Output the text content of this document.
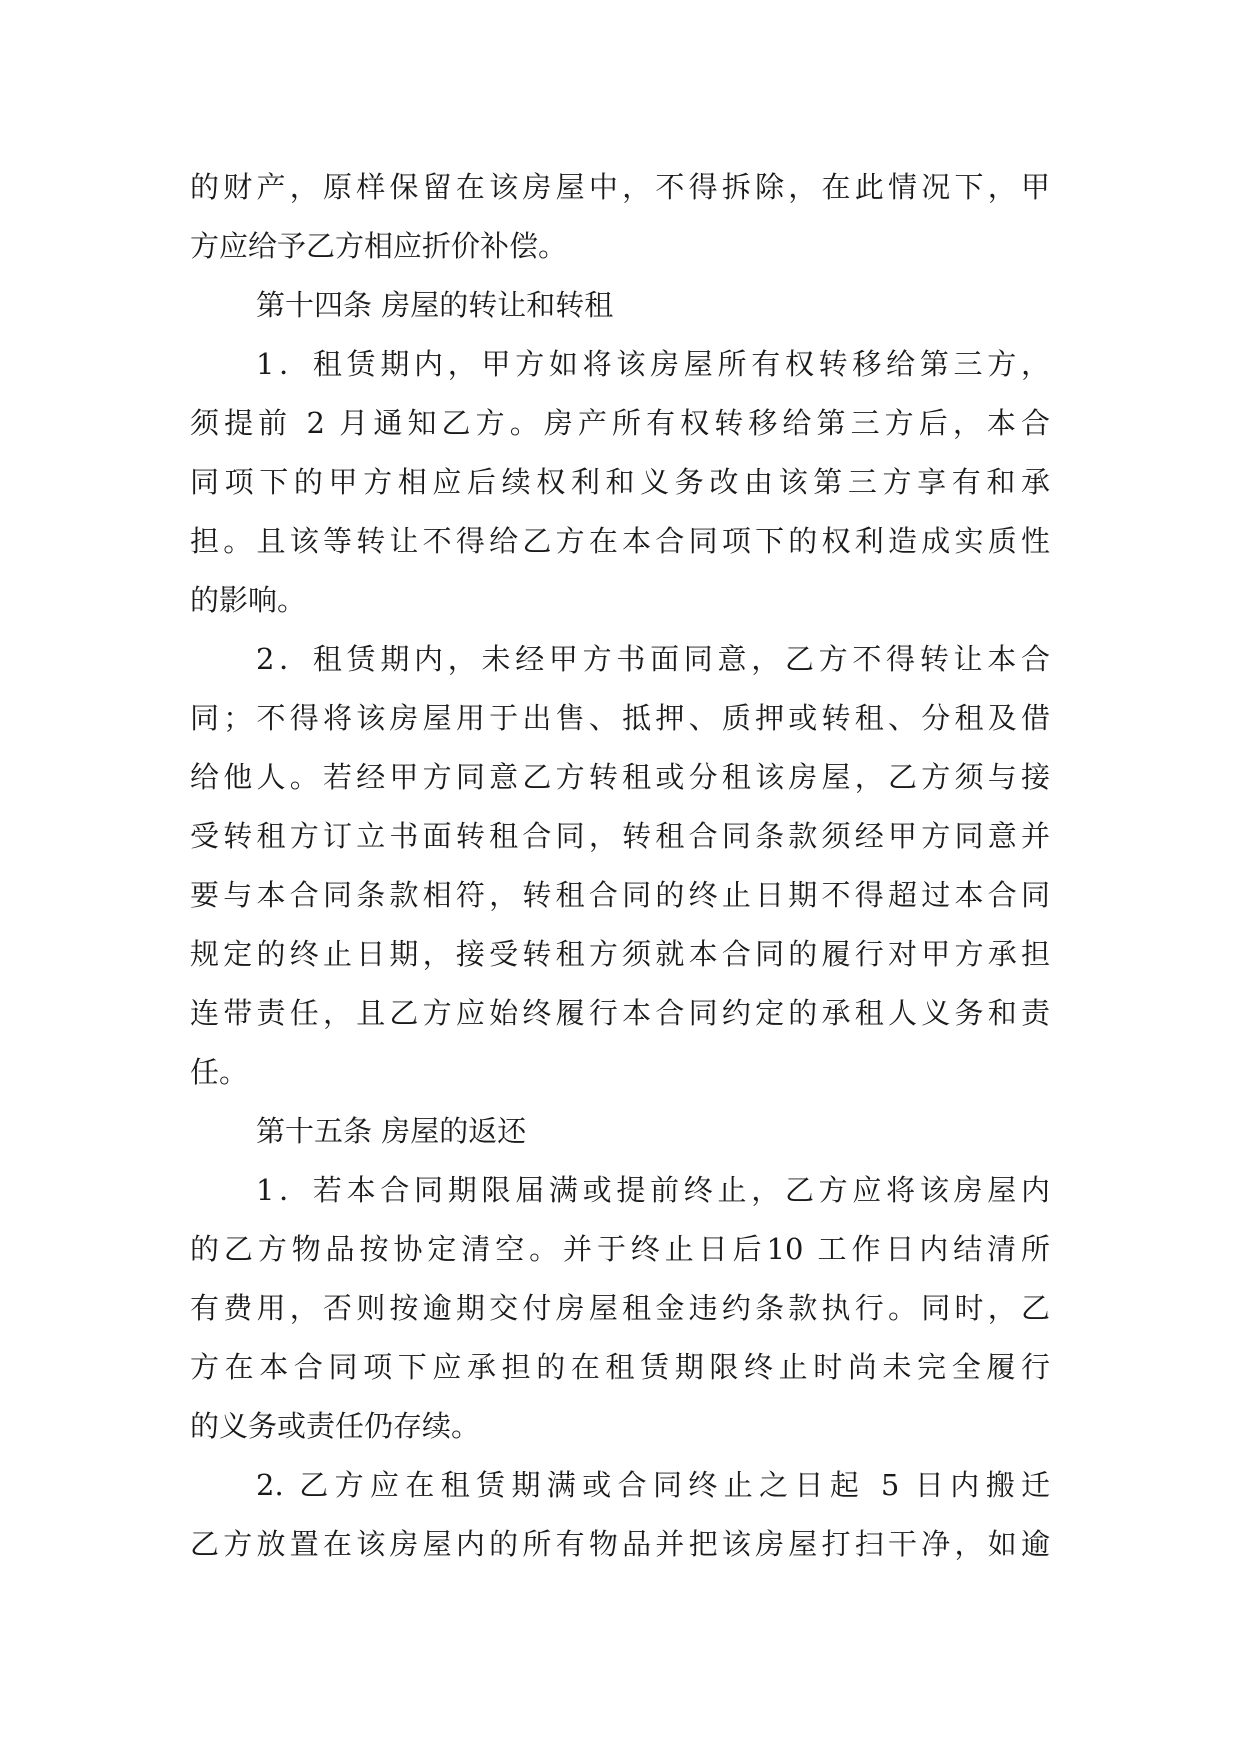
的财产，原样保留在该房屋中，不得拆除，在此情况下，甲
方应给予乙方相应折价补偿。
第十四条 房屋的转让和转租
1．租赁期内，甲方如将该房屋所有权转移给第三方，
须提前 2 月通知乙方。房产所有权转移给第三方后，本合
同项下的甲方相应后续权利和义务改由该第三方享有和承
担。且该等转让不得给乙方在本合同项下的权利造成实质性
的影响。
2．租赁期内，未经甲方书面同意，乙方不得转让本合
同；不得将该房屋用于出售、抵押、质押或转租、分租及借
给他人。若经甲方同意乙方转租或分租该房屋，乙方须与接
受转租方订立书面转租合同，转租合同条款须经甲方同意并
要与本合同条款相符，转租合同的终止日期不得超过本合同
规定的终止日期，接受转租方须就本合同的履行对甲方承担
连带责任，且乙方应始终履行本合同约定的承租人义务和责
任。
第十五条 房屋的返还
1．若本合同期限届满或提前终止，乙方应将该房屋内
的乙方物品按协定清空。并于终止日后10 工作日内结清所
有费用，否则按逾期交付房屋租金违约条款执行。同时，乙
方在本合同项下应承担的在租赁期限终止时尚未完全履行
的义务或责任仍存续。
2. 乙方应在租赁期满或合同终止之日起 5 日内搬迁
乙方放置在该房屋内的所有物品并把该房屋打扫干净，如逾
